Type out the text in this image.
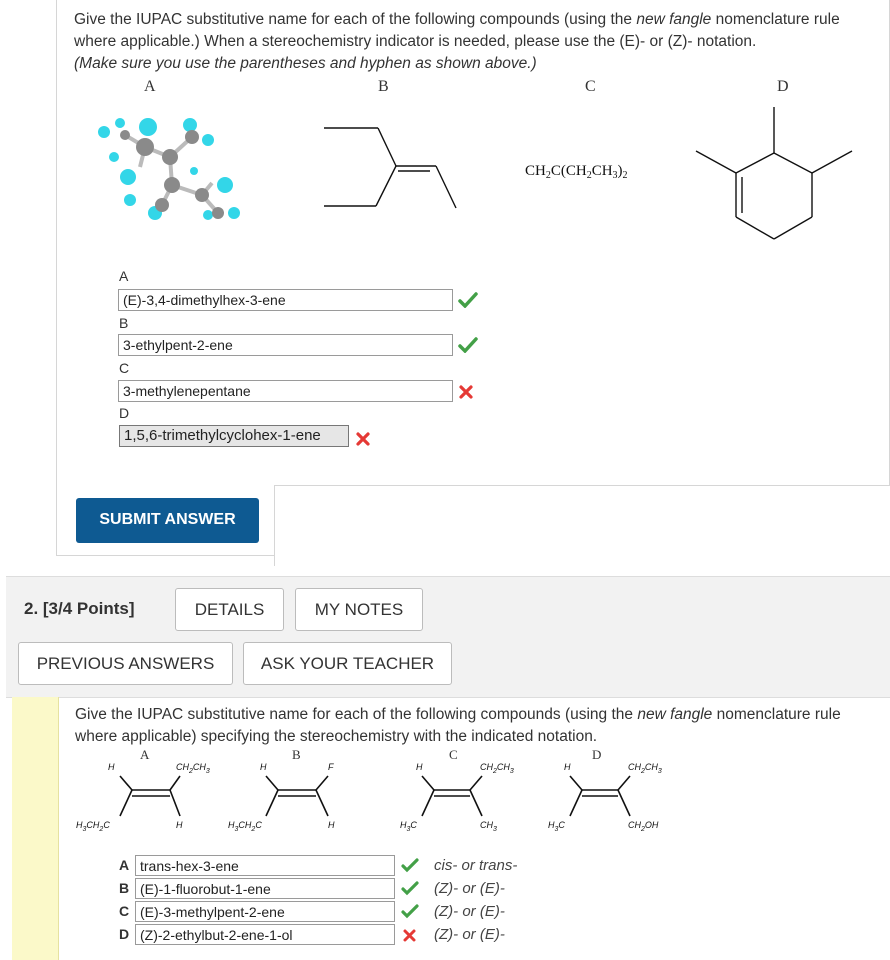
Give the IUPAC substitutive name for each of the following compounds (using the new fangle nomenclature rule where applicable.) When a stereochemistry indicator is needed, please use the (E)- or (Z)- notation.
(Make sure you use the parentheses and hyphen as shown above.)
A	B	C	D
$CH_2C(CH_2CH_3)_2$
A
(E)-3,4-dimethylhex-3-ene
B
3-ethylpent-2-ene
C
3-methylenepentane
D
1,5,6-trimethylcyclohex-1-ene
SUBMIT ANSWER
2. [3/4 Points]	DETAILS	MY NOTES
PREVIOUS ANSWERS	ASK YOUR TEACHER
Give the IUPAC substitutive name for each of the following compounds (using the new fangle nomenclature rule where applicable) specifying the stereochemistry with the indicated notation.
A	B	C	D
H	$CH_2CH_3$
$H_3CH_2C$	H
H	F
$H_3CH_2C$	H
H	$CH_2CH_3$
$H_3C$	$CH_3$
H	$CH_2CH_3$
$H_3C$	$CH_2OH$
A trans-hex-3-ene	cis- or trans-
B (E)-1-fluorobut-1-ene	(Z)- or (E)-
C (E)-3-methylpent-2-ene	(Z)- or (E)-
D (Z)-2-ethylbut-2-ene-1-ol	(Z)- or (E)-
